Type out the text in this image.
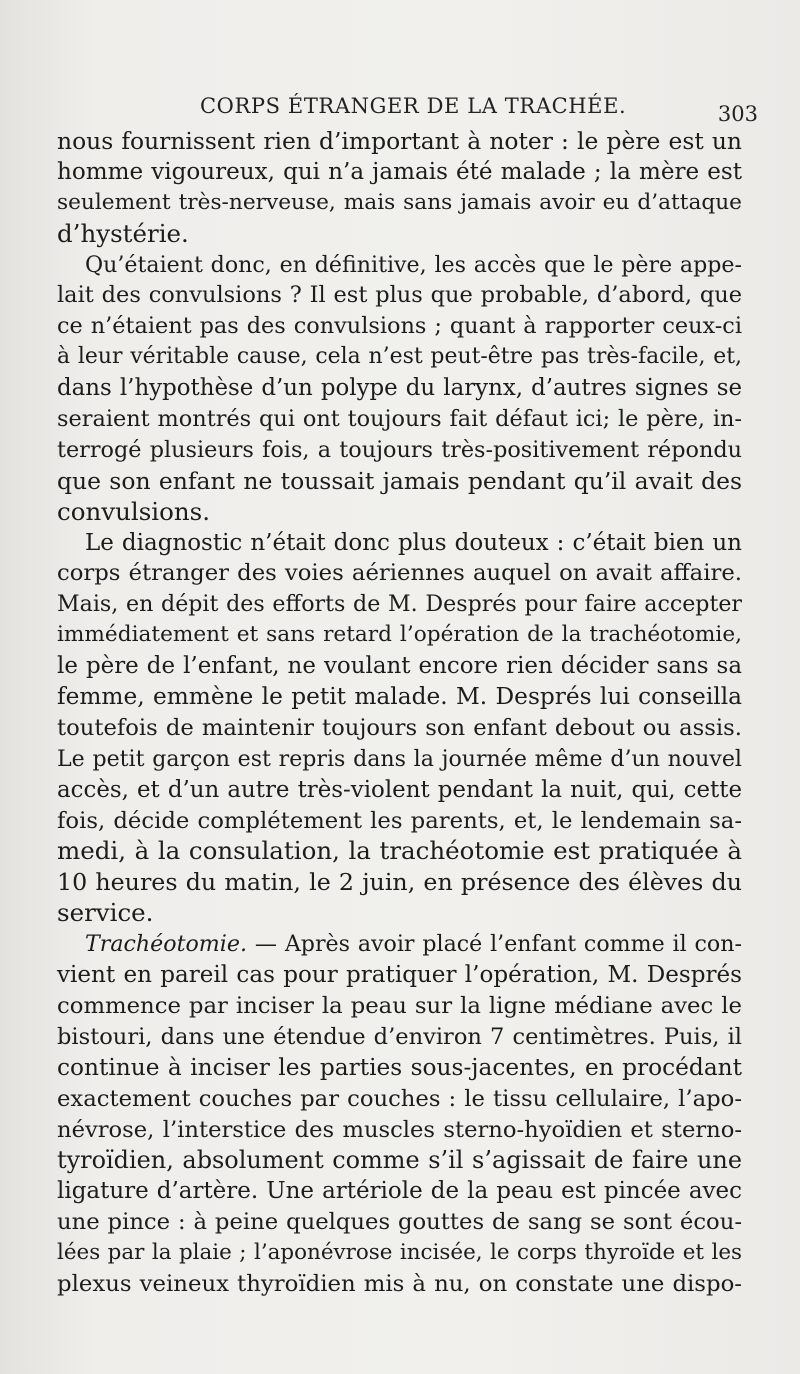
CORPS ÉTRANGER DE LA TRACHÉE.	303
nous fournissent rien d’important à noter : le père est un
homme vigoureux, qui n’a jamais été malade ; la mère est
seulement très-nerveuse, mais sans jamais avoir eu d’attaque
d’hystérie.
Qu’étaient donc, en définitive, les accès que le père appe-
lait des convulsions ? Il est plus que probable, d’abord, que
ce n’étaient pas des convulsions ; quant à rapporter ceux-ci
à leur véritable cause, cela n’est peut-être pas très-facile, et,
dans l’hypothèse d’un polype du larynx, d’autres signes se
seraient montrés qui ont toujours fait défaut ici; le père, in-
terrogé plusieurs fois, a toujours très-positivement répondu
que son enfant ne toussait jamais pendant qu’il avait des
convulsions.
Le diagnostic n’était donc plus douteux : c’était bien un
corps étranger des voies aériennes auquel on avait affaire.
Mais, en dépit des efforts de M. Després pour faire accepter
immédiatement et sans retard l’opération de la trachéotomie,
le père de l’enfant, ne voulant encore rien décider sans sa
femme, emmène le petit malade. M. Després lui conseilla
toutefois de maintenir toujours son enfant debout ou assis.
Le petit garçon est repris dans la journée même d’un nouvel
accès, et d’un autre très-violent pendant la nuit, qui, cette
fois, décide complétement les parents, et, le lendemain sa-
medi, à la consulation, la trachéotomie est pratiquée à
10 heures du matin, le 2 juin, en présence des élèves du
service.
Trachéotomie. — Après avoir placé l’enfant comme il con-
vient en pareil cas pour pratiquer l’opération, M. Després
commence par inciser la peau sur la ligne médiane avec le
bistouri, dans une étendue d’environ 7 centimètres. Puis, il
continue à inciser les parties sous-jacentes, en procédant
exactement couches par couches : le tissu cellulaire, l’apo-
névrose, l’interstice des muscles sterno-hyoïdien et sterno-
tyroïdien, absolument comme s’il s’agissait de faire une
ligature d’artère. Une artériole de la peau est pincée avec
une pince : à peine quelques gouttes de sang se sont écou-
lées par la plaie ; l’aponévrose incisée, le corps thyroïde et les
plexus veineux thyroïdien mis à nu, on constate une dispo-
